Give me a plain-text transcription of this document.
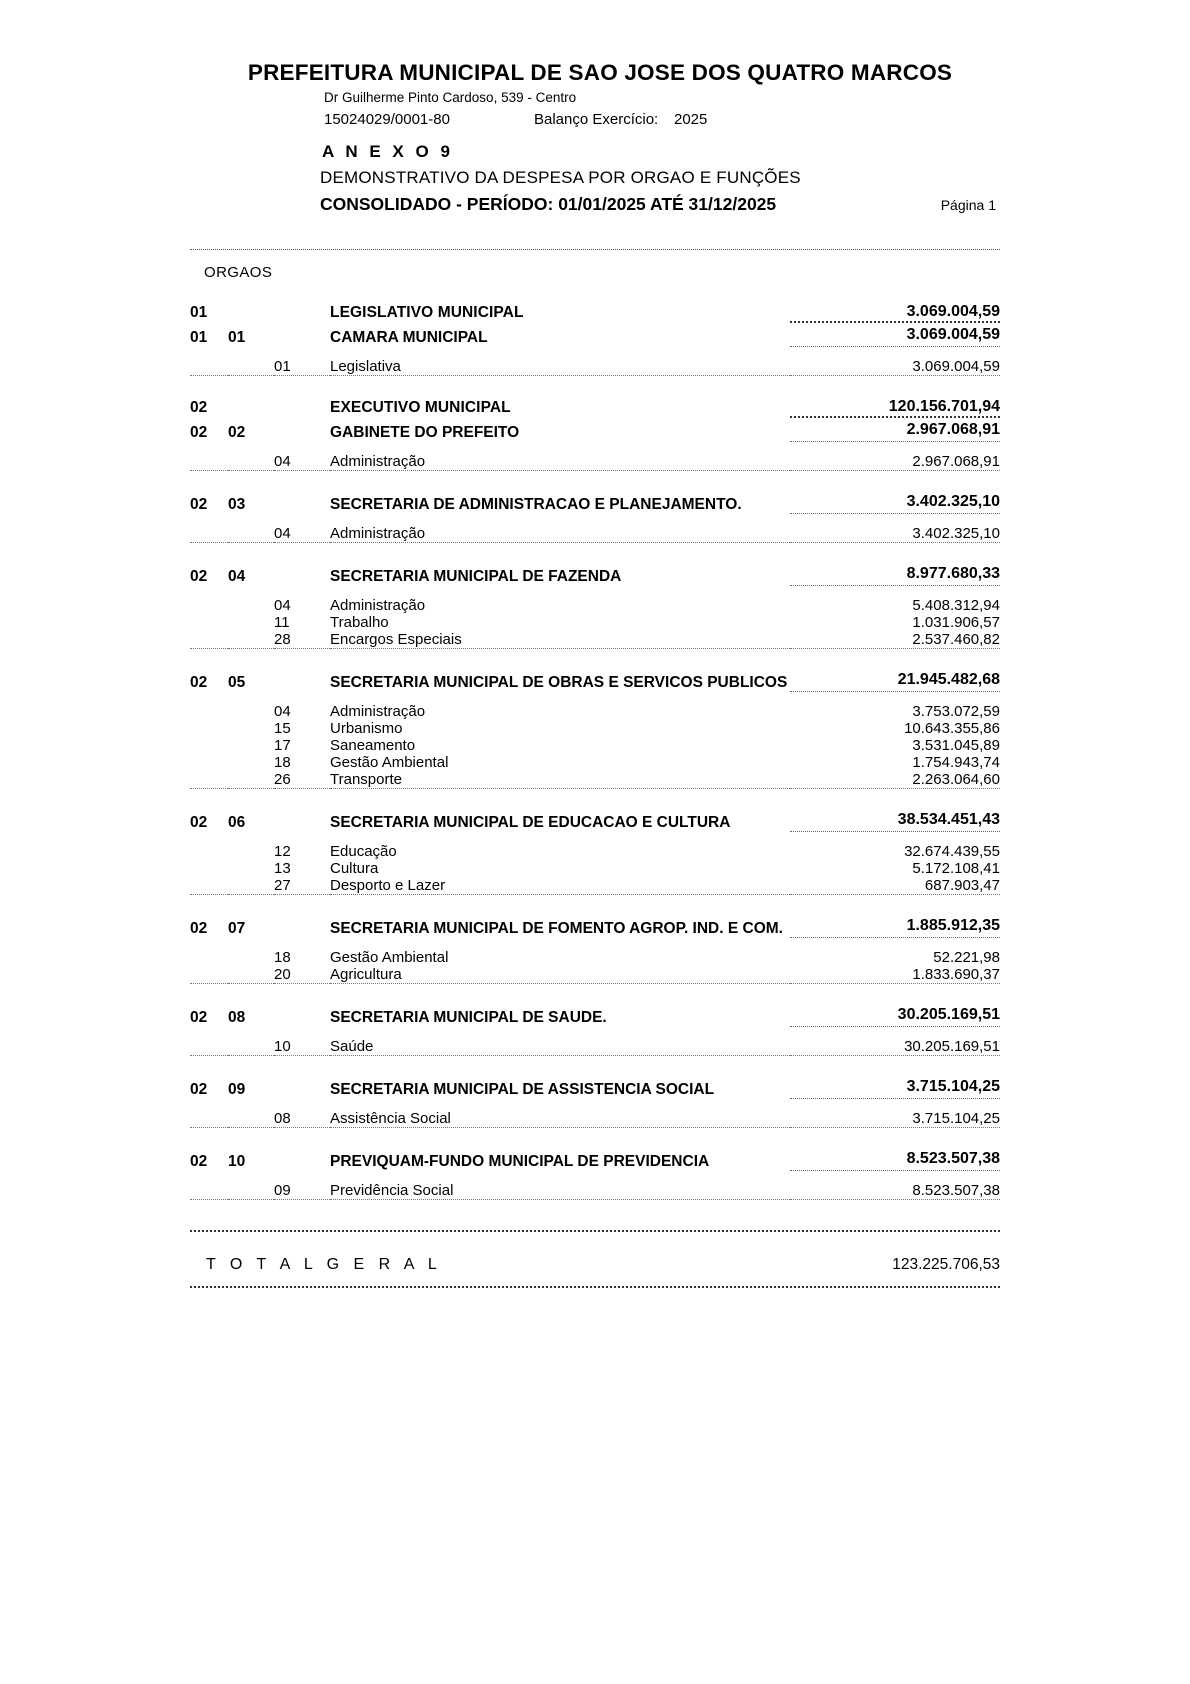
PREFEITURA MUNICIPAL DE SAO JOSE DOS QUATRO MARCOS
Dr Guilherme Pinto Cardoso, 539 - Centro
15024029/0001-80	Balanço Exercício:	2025
A N E X O 9
DEMONSTRATIVO DA DESPESA POR ORGAO E FUNÇÕES
CONSOLIDADO - PERÍODO: 01/01/2025 ATÉ 31/12/2025	Página 1
ORGAOS
01			LEGISLATIVO MUNICIPAL	3.069.004,59

01	01		CAMARA MUNICIPAL	3.069.004,59

		01	Legislativa	3.069.004,59

02			EXECUTIVO MUNICIPAL	120.156.701,94

02	02		GABINETE DO PREFEITO	2.967.068,91

		04	Administração	2.967.068,91

02	03		SECRETARIA DE ADMINISTRACAO E PLANEJAMENTO.	3.402.325,10

		04	Administração	3.402.325,10

02	04		SECRETARIA MUNICIPAL DE FAZENDA	8.977.680,33

		04	Administração	5.408.312,94
		11	Trabalho	1.031.906,57
		28	Encargos Especiais	2.537.460,82

02	05		SECRETARIA MUNICIPAL DE OBRAS E SERVICOS PUBLICOS	21.945.482,68

		04	Administração	3.753.072,59
		15	Urbanismo	10.643.355,86
		17	Saneamento	3.531.045,89
		18	Gestão Ambiental	1.754.943,74
		26	Transporte	2.263.064,60

02	06		SECRETARIA MUNICIPAL DE EDUCACAO E CULTURA	38.534.451,43

		12	Educação	32.674.439,55
		13	Cultura	5.172.108,41
		27	Desporto e Lazer	687.903,47

02	07		SECRETARIA MUNICIPAL DE FOMENTO AGROP. IND. E COM.	1.885.912,35

		18	Gestão Ambiental	52.221,98
		20	Agricultura	1.833.690,37

02	08		SECRETARIA MUNICIPAL DE SAUDE.	30.205.169,51

		10	Saúde	30.205.169,51

02	09		SECRETARIA MUNICIPAL DE ASSISTENCIA SOCIAL	3.715.104,25

		08	Assistência Social	3.715.104,25

02	10		PREVIQUAM-FUNDO MUNICIPAL DE PREVIDENCIA	8.523.507,38

		09	Previdência Social	8.523.507,38
T O T A L G E R A L	123.225.706,53
